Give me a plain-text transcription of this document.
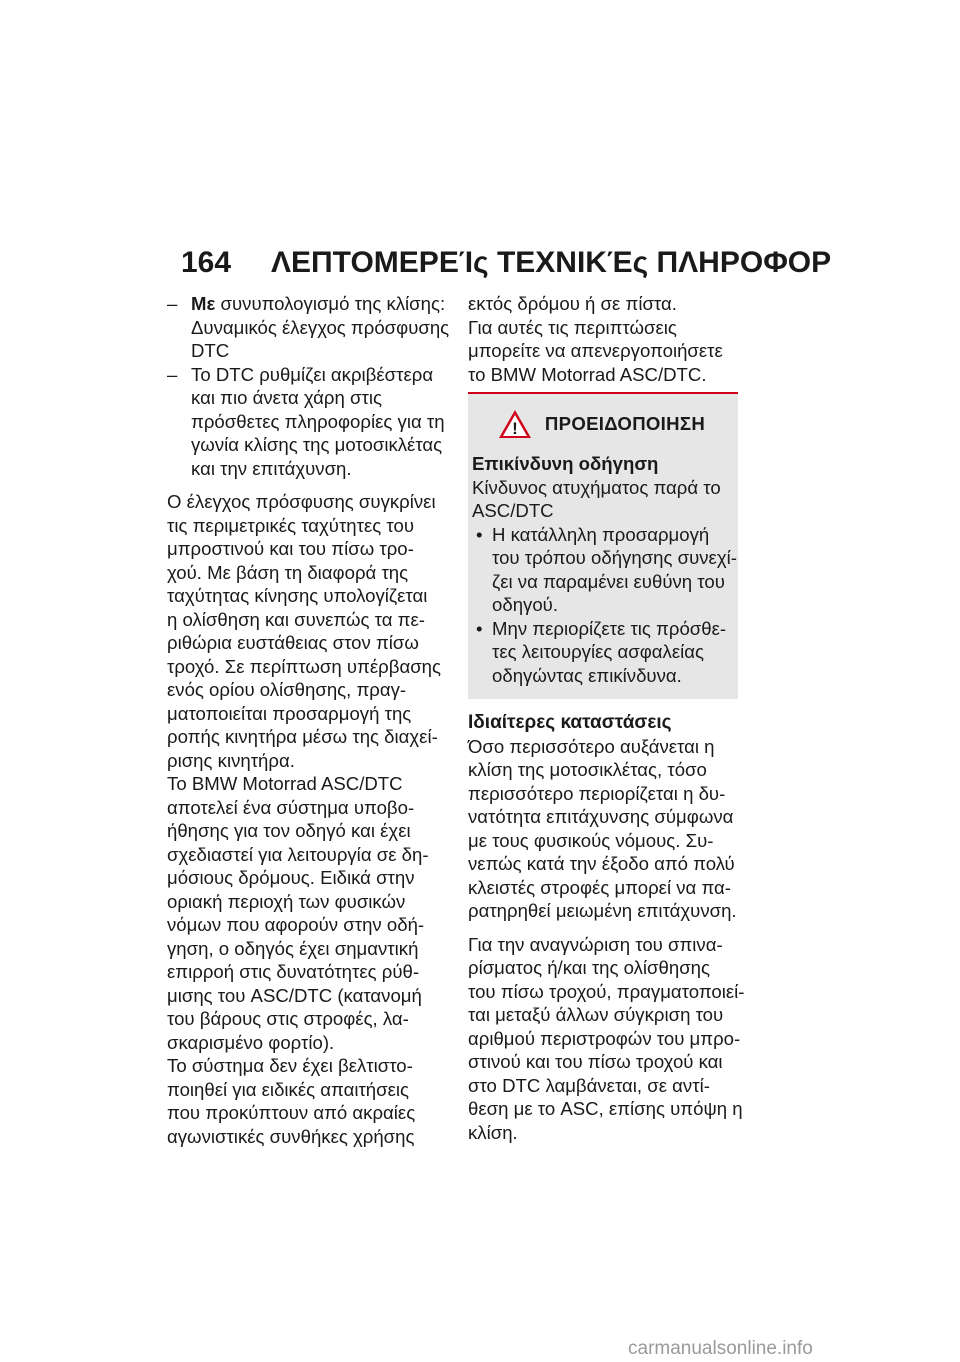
164 ΛΕΠΤΟΜΕΡΕΊς ΤΕΧΝΙΚΈς ΠΛΗΡΟΦΟΡ
– Με συνυπολογισμό της κλίσης:
Δυναμικός έλεγχος πρόσφυσης
DTC
– Το DTC ρυθμίζει ακριβέστερα
και πιο άνετα χάρη στις
πρόσθετες πληροφορίες για τη
γωνία κλίσης της μοτοσικλέτας
και την επιτάχυνση.
Ο έλεγχος πρόσφυσης συγκρίνει
τις περιμετρικές ταχύτητες του
μπροστινού και του πίσω τρο-
χού. Με βάση τη διαφορά της
ταχύτητας κίνησης υπολογίζεται
η ολίσθηση και συνεπώς τα πε-
ριθώρια ευστάθειας στον πίσω
τροχό. Σε περίπτωση υπέρβασης
ενός ορίου ολίσθησης, πραγ-
ματοποιείται προσαρμογή της
ροπής κινητήρα μέσω της διαχεί-
ρισης κινητήρα.
Το BMW Motorrad ASC/DTC
αποτελεί ένα σύστημα υποβο-
ήθησης για τον οδηγό και έχει
σχεδιαστεί για λειτουργία σε δη-
μόσιους δρόμους. Ειδικά στην
οριακή περιοχή των φυσικών
νόμων που αφορούν στην οδή-
γηση, ο οδηγός έχει σημαντική
επιρροή στις δυνατότητες ρύθ-
μισης του ASC/DTC (κατανομή
του βάρους στις στροφές, λα-
σκαρισμένο φορτίο).
Το σύστημα δεν έχει βελτιστο-
ποιηθεί για ειδικές απαιτήσεις
που προκύπτουν από ακραίες
αγωνιστικές συνθήκες χρήσης
εκτός δρόμου ή σε πίστα.
Για αυτές τις περιπτώσεις
μπορείτε να απενεργοποιήσετε
το BMW Motorrad ASC/DTC.
! ΠΡΟΕΙΔΟΠΟΙΗΣΗ
Επικίνδυνη οδήγηση
Κίνδυνος ατυχήματος παρά το
ASC/DTC
• Η κατάλληλη προσαρμογή
του τρόπου οδήγησης συνεχί-
ζει να παραμένει ευθύνη του
οδηγού.
• Μην περιορίζετε τις πρόσθε-
τες λειτουργίες ασφαλείας
οδηγώντας επικίνδυνα.
Ιδιαίτερες καταστάσεις
Όσο περισσότερο αυξάνεται η
κλίση της μοτοσικλέτας, τόσο
περισσότερο περιορίζεται η δυ-
νατότητα επιτάχυνσης σύμφωνα
με τους φυσικούς νόμους. Συ-
νεπώς κατά την έξοδο από πολύ
κλειστές στροφές μπορεί να πα-
ρατηρηθεί μειωμένη επιτάχυνση.
Για την αναγνώριση του σπινα-
ρίσματος ή/και της ολίσθησης
του πίσω τροχού, πραγματοποιεί-
ται μεταξύ άλλων σύγκριση του
αριθμού περιστροφών του μπρο-
στινού και του πίσω τροχού και
στο DTC λαμβάνεται, σε αντί-
θεση με το ASC, επίσης υπόψη η
κλίση.
carmanualsonline.info
